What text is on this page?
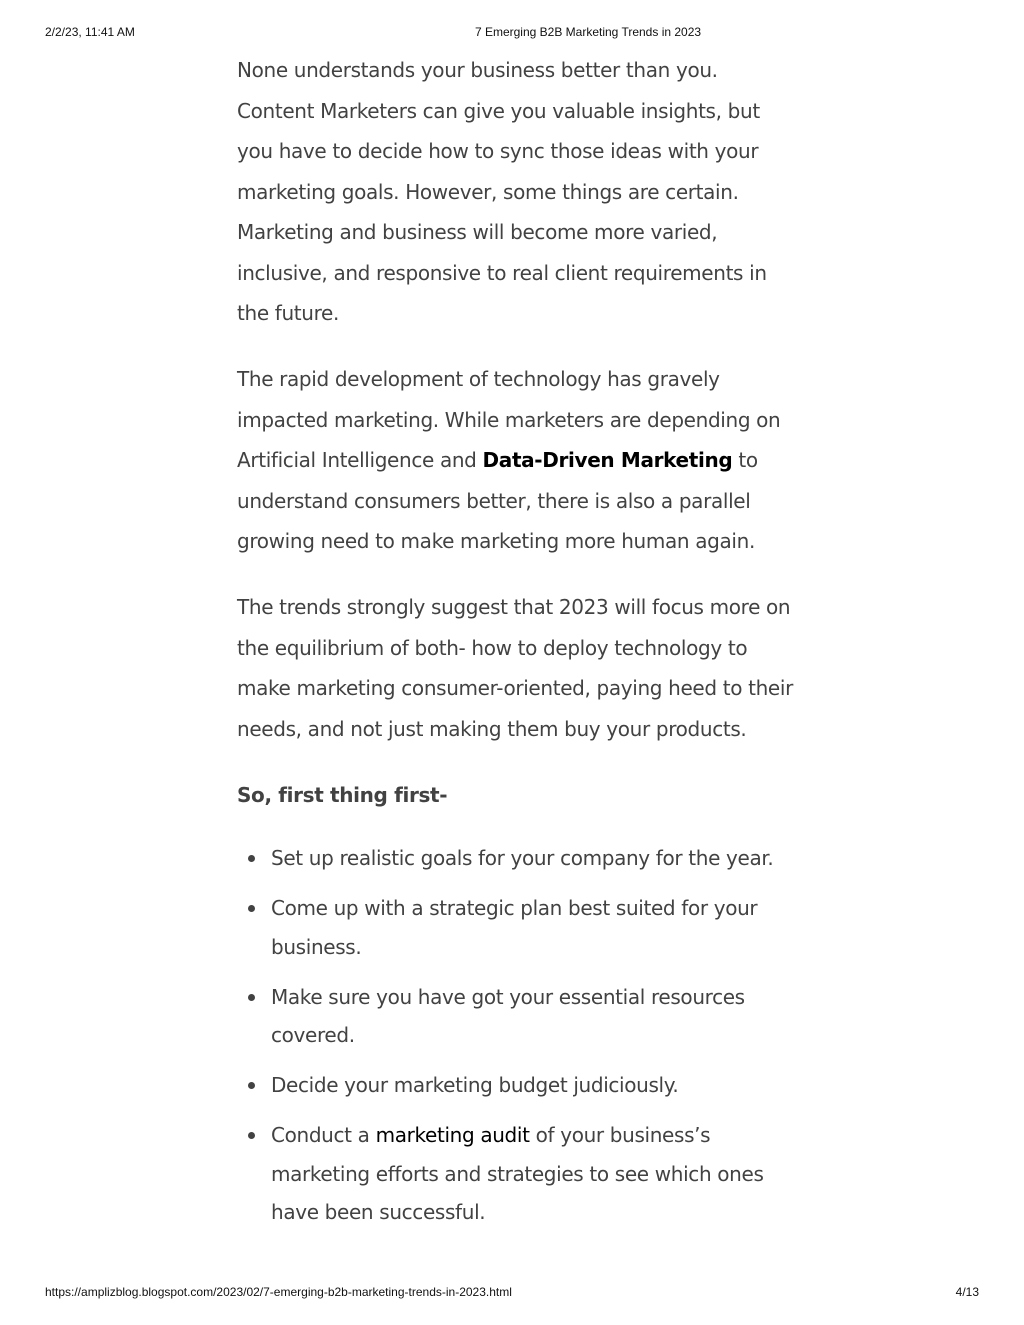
2/2/23, 11:41 AM	7 Emerging B2B Marketing Trends in 2023

None understands your business better than you. Content Marketers can give you valuable insights, but you have to decide how to sync those ideas with your marketing goals. However, some things are certain. Marketing and business will become more varied, inclusive, and responsive to real client requirements in the future.

The rapid development of technology has gravely impacted marketing. While marketers are depending on Artificial Intelligence and Data-Driven Marketing to understand consumers better, there is also a parallel growing need to make marketing more human again.

The trends strongly suggest that 2023 will focus more on the equilibrium of both- how to deploy technology to make marketing consumer-oriented, paying heed to their needs, and not just making them buy your products.

So, first thing first-

Set up realistic goals for your company for the year.
Come up with a strategic plan best suited for your business.
Make sure you have got your essential resources covered.
Decide your marketing budget judiciously.
Conduct a marketing audit of your business’s marketing efforts and strategies to see which ones have been successful.
https://amplizblog.blogspot.com/2023/02/7-emerging-b2b-marketing-trends-in-2023.html	4/13
